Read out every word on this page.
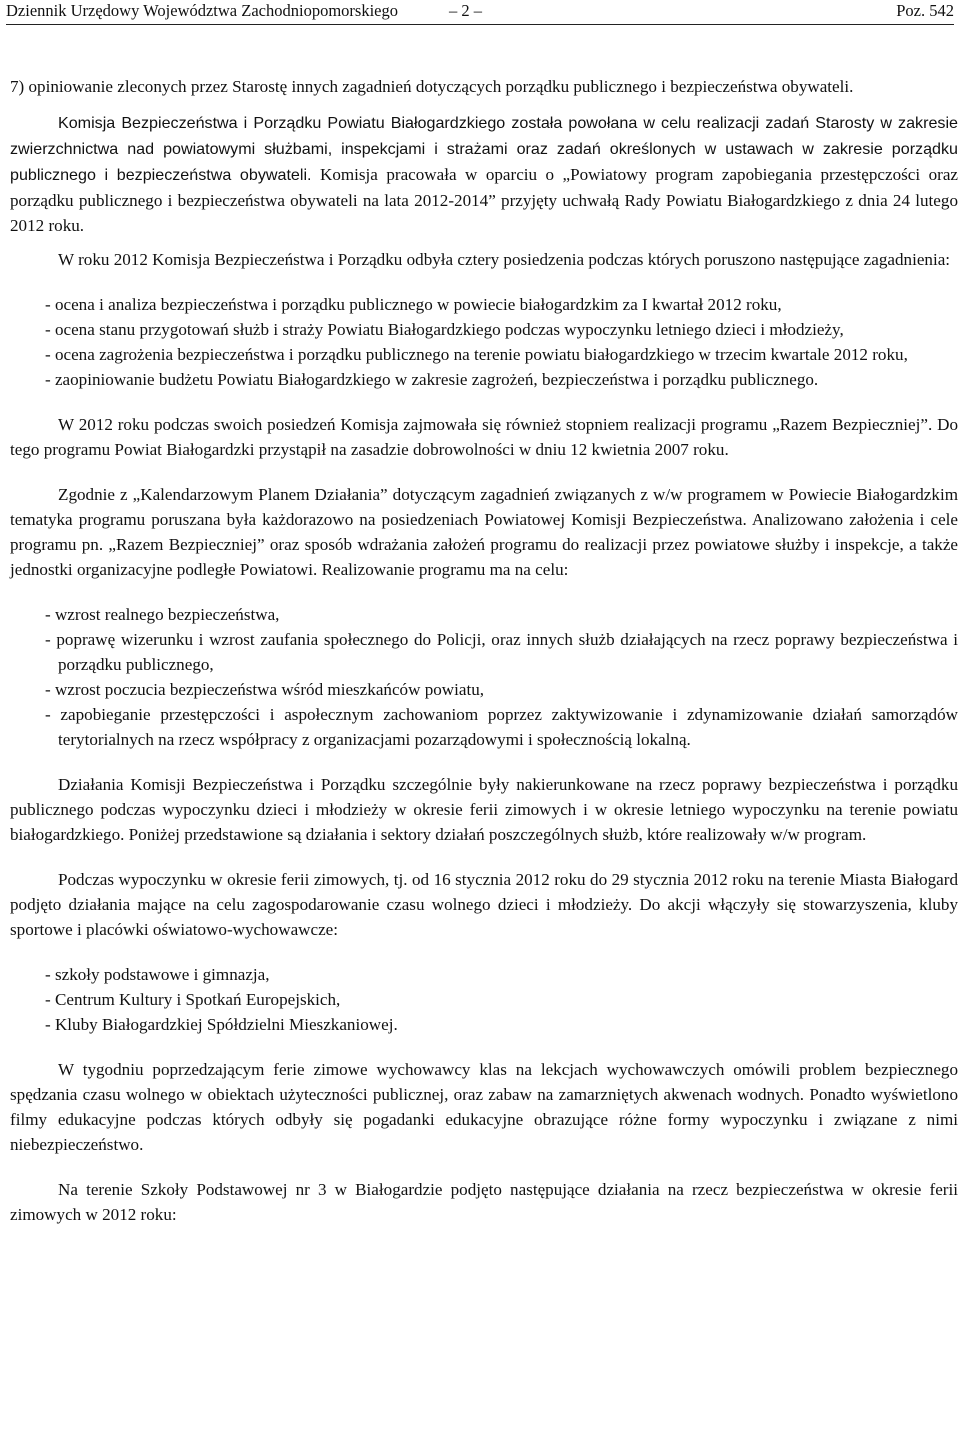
Dziennik Urzędowy Województwa Zachodniopomorskiego	– 2 –	Poz. 542

7) opiniowanie zleconych przez Starostę innych zagadnień dotyczących porządku publicznego i bezpieczeństwa obywateli.

Komisja Bezpieczeństwa i Porządku Powiatu Białogardzkiego została powołana w celu realizacji zadań Starosty w zakresie zwierzchnictwa nad powiatowymi służbami, inspekcjami i strażami oraz zadań określonych w ustawach w zakresie porządku publicznego i bezpieczeństwa obywateli. Komisja pracowała w oparciu o „Powiatowy program zapobiegania przestępczości oraz porządku publicznego i bezpieczeństwa obywateli na lata 2012-2014” przyjęty uchwałą Rady Powiatu Białogardzkiego z dnia 24 lutego 2012 roku.

W roku 2012 Komisja Bezpieczeństwa i Porządku odbyła cztery posiedzenia podczas których poruszono następujące zagadnienia:

- ocena i analiza bezpieczeństwa i porządku publicznego w powiecie białogardzkim za I kwartał 2012 roku,
- ocena stanu przygotowań służb i straży Powiatu Białogardzkiego podczas wypoczynku letniego dzieci i młodzieży,
- ocena zagrożenia bezpieczeństwa i porządku publicznego na terenie powiatu białogardzkiego w trzecim kwartale 2012 roku,
- zaopiniowanie budżetu Powiatu Białogardzkiego w zakresie zagrożeń, bezpieczeństwa i porządku publicznego.

W 2012 roku podczas swoich posiedzeń Komisja zajmowała się również stopniem realizacji programu „Razem Bezpieczniej”. Do tego programu Powiat Białogardzki przystąpił na zasadzie dobrowolności w dniu 12 kwietnia 2007 roku.

Zgodnie z „Kalendarzowym Planem Działania” dotyczącym zagadnień związanych z w/w programem w Powiecie Białogardzkim tematyka programu poruszana była każdorazowo na posiedzeniach Powiatowej Komisji Bezpieczeństwa. Analizowano założenia i cele programu pn. „Razem Bezpieczniej” oraz sposób wdrażania założeń programu do realizacji przez powiatowe służby i inspekcje, a także jednostki organizacyjne podległe Powiatowi. Realizowanie programu ma na celu:

- wzrost realnego bezpieczeństwa,
- poprawę wizerunku i wzrost zaufania społecznego do Policji, oraz innych służb działających na rzecz poprawy bezpieczeństwa i porządku publicznego,
- wzrost poczucia bezpieczeństwa wśród mieszkańców powiatu,
- zapobieganie przestępczości i aspołecznym zachowaniom poprzez zaktywizowanie i zdynamizowanie działań samorządów terytorialnych na rzecz współpracy z organizacjami pozarządowymi i społecznością lokalną.

Działania Komisji Bezpieczeństwa i Porządku szczególnie były nakierunkowane na rzecz poprawy bezpieczeństwa i porządku publicznego podczas wypoczynku dzieci i młodzieży w okresie ferii zimowych i w okresie letniego wypoczynku na terenie powiatu białogardzkiego. Poniżej przedstawione są działania i sektory działań poszczególnych służb, które realizowały w/w program.

Podczas wypoczynku w okresie ferii zimowych, tj. od 16 stycznia 2012 roku do 29 stycznia 2012 roku na terenie Miasta Białogard podjęto działania mające na celu zagospodarowanie czasu wolnego dzieci i młodzieży. Do akcji włączyły się stowarzyszenia, kluby sportowe i placówki oświatowo-wychowawcze:

- szkoły podstawowe i gimnazja,
- Centrum Kultury i Spotkań Europejskich,
- Kluby Białogardzkiej Spółdzielni Mieszkaniowej.

W tygodniu poprzedzającym ferie zimowe wychowawcy klas na lekcjach wychowawczych omówili problem bezpiecznego spędzania czasu wolnego w obiektach użyteczności publicznej, oraz zabaw na zamarzniętych akwenach wodnych. Ponadto wyświetlono filmy edukacyjne podczas których odbyły się pogadanki edukacyjne obrazujące różne formy wypoczynku i związane z nimi niebezpieczeństwo.

Na terenie Szkoły Podstawowej nr 3 w Białogardzie podjęto następujące działania na rzecz bezpieczeństwa w okresie ferii zimowych w 2012 roku:
